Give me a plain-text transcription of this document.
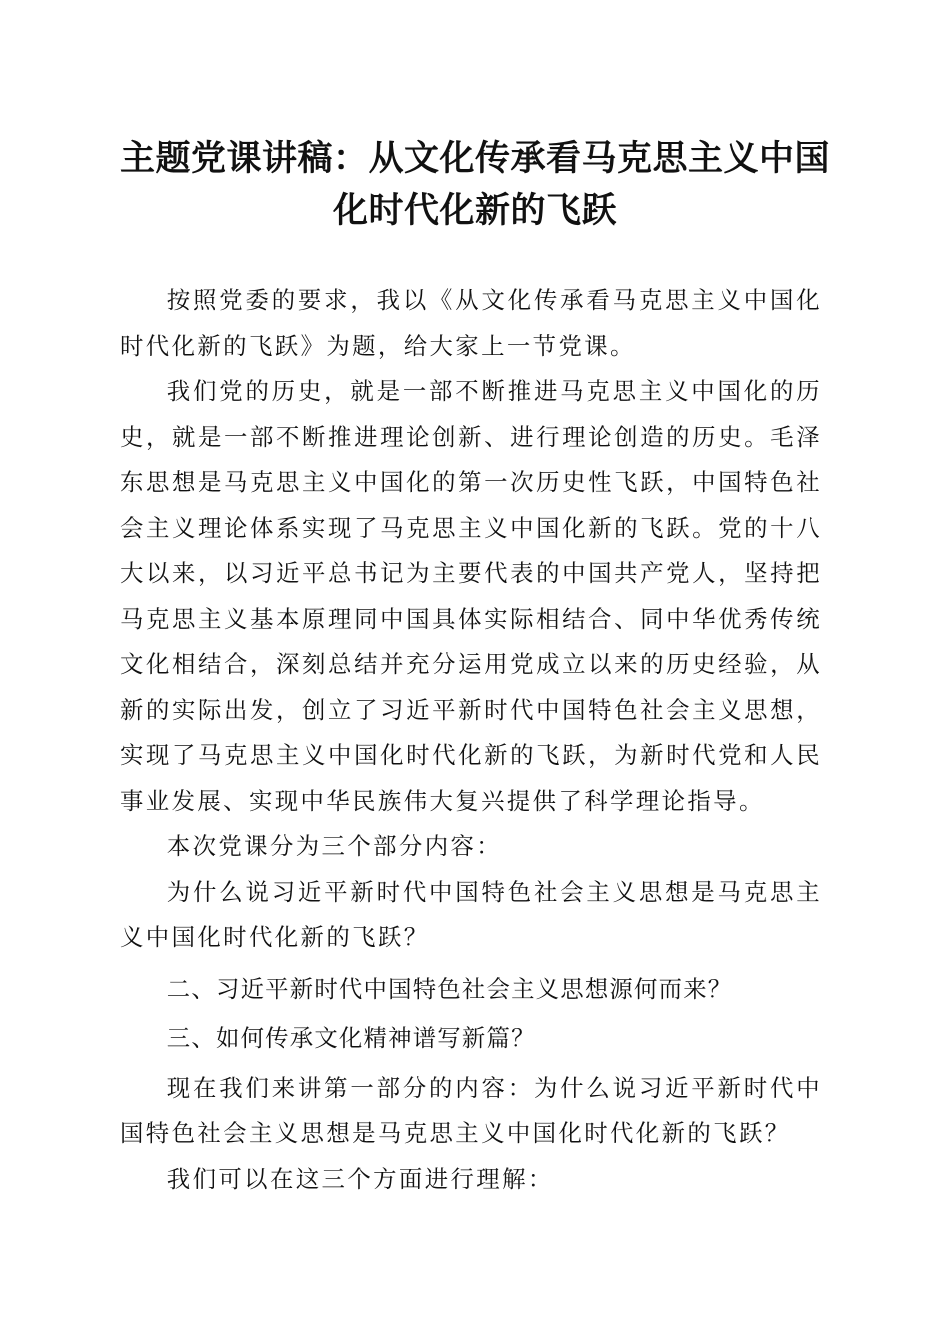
主题党课讲稿：从文化传承看马克思主义中国
化时代化新的飞跃

按照党委的要求，我以《从文化传承看马克思主义中国化时代化新的飞跃》为题，给大家上一节党课。

我们党的历史，就是一部不断推进马克思主义中国化的历史，就是一部不断推进理论创新、进行理论创造的历史。毛泽东思想是马克思主义中国化的第一次历史性飞跃，中国特色社会主义理论体系实现了马克思主义中国化新的飞跃。党的十八大以来，以习近平总书记为主要代表的中国共产党人，坚持把马克思主义基本原理同中国具体实际相结合、同中华优秀传统文化相结合，深刻总结并充分运用党成立以来的历史经验，从新的实际出发，创立了习近平新时代中国特色社会主义思想，实现了马克思主义中国化时代化新的飞跃，为新时代党和人民事业发展、实现中华民族伟大复兴提供了科学理论指导。

本次党课分为三个部分内容：

为什么说习近平新时代中国特色社会主义思想是马克思主义中国化时代化新的飞跃？

二、习近平新时代中国特色社会主义思想源何而来？

三、如何传承文化精神谱写新篇？

现在我们来讲第一部分的内容：为什么说习近平新时代中国特色社会主义思想是马克思主义中国化时代化新的飞跃？

我们可以在这三个方面进行理解：
